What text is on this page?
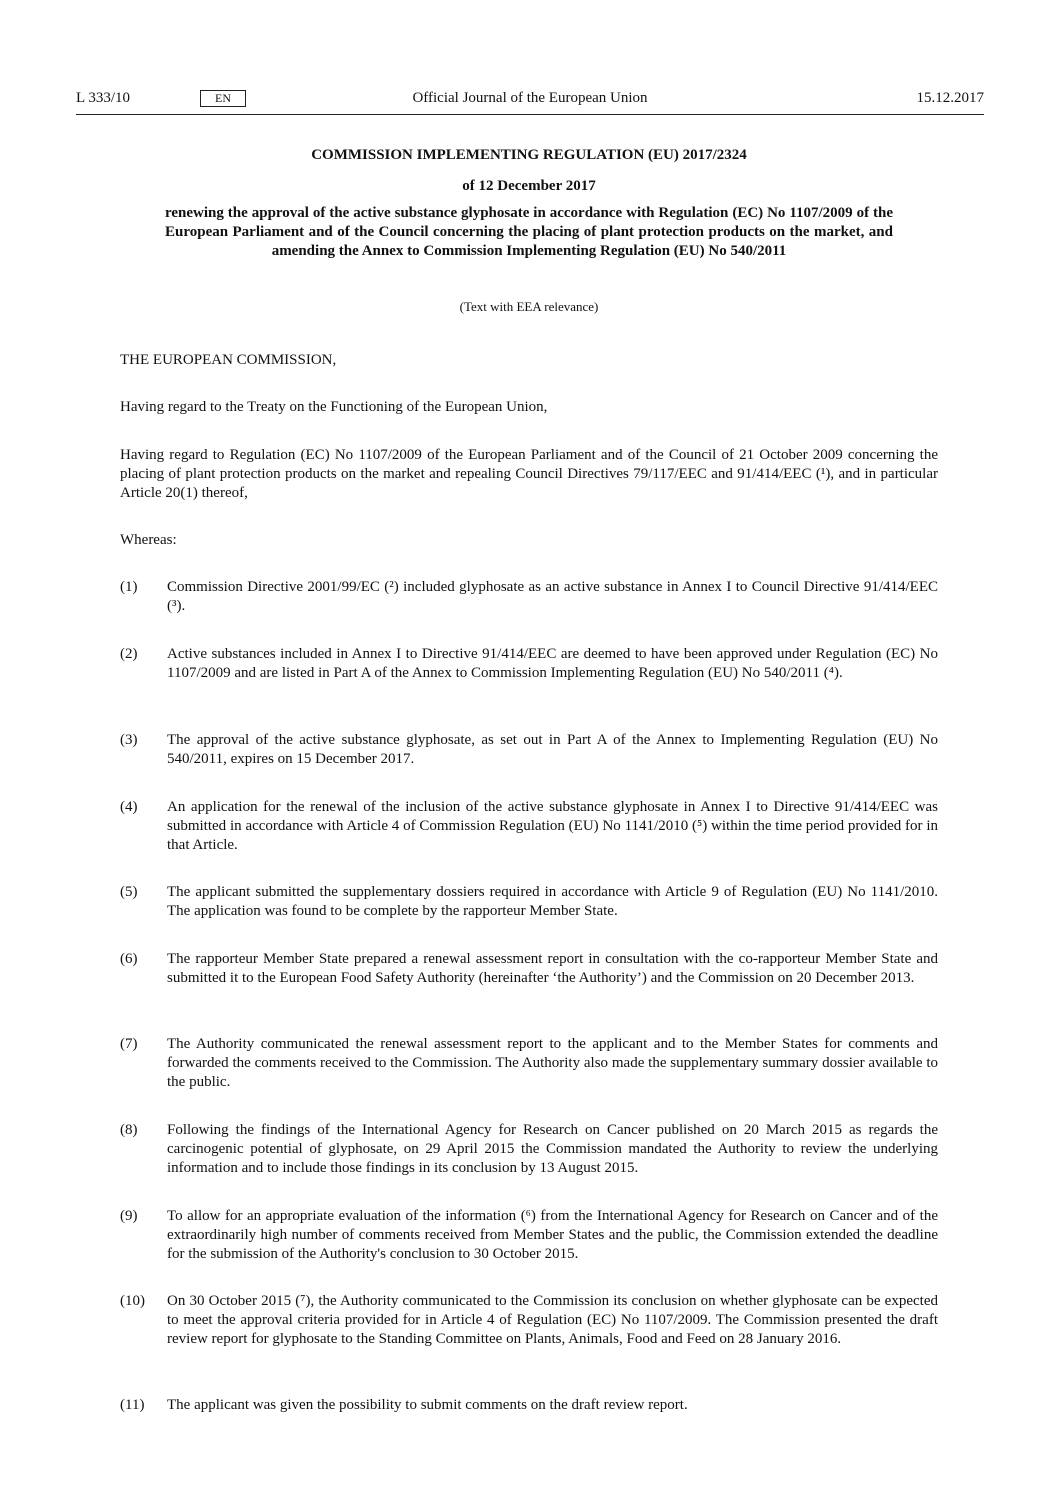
L 333/10	EN	Official Journal of the European Union	15.12.2017
COMMISSION IMPLEMENTING REGULATION (EU) 2017/2324
of 12 December 2017
renewing the approval of the active substance glyphosate in accordance with Regulation (EC) No 1107/2009 of the European Parliament and of the Council concerning the placing of plant protection products on the market, and amending the Annex to Commission Implementing Regulation (EU) No 540/2011
(Text with EEA relevance)
THE EUROPEAN COMMISSION,
Having regard to the Treaty on the Functioning of the European Union,
Having regard to Regulation (EC) No 1107/2009 of the European Parliament and of the Council of 21 October 2009 concerning the placing of plant protection products on the market and repealing Council Directives 79/117/EEC and 91/414/EEC (¹), and in particular Article 20(1) thereof,
Whereas:
(1)	Commission Directive 2001/99/EC (²) included glyphosate as an active substance in Annex I to Council Directive 91/414/EEC (³).
(2)	Active substances included in Annex I to Directive 91/414/EEC are deemed to have been approved under Regulation (EC) No 1107/2009 and are listed in Part A of the Annex to Commission Implementing Regulation (EU) No 540/2011 (⁴).
(3)	The approval of the active substance glyphosate, as set out in Part A of the Annex to Implementing Regulation (EU) No 540/2011, expires on 15 December 2017.
(4)	An application for the renewal of the inclusion of the active substance glyphosate in Annex I to Directive 91/414/EEC was submitted in accordance with Article 4 of Commission Regulation (EU) No 1141/2010 (⁵) within the time period provided for in that Article.
(5)	The applicant submitted the supplementary dossiers required in accordance with Article 9 of Regulation (EU) No 1141/2010. The application was found to be complete by the rapporteur Member State.
(6)	The rapporteur Member State prepared a renewal assessment report in consultation with the co-rapporteur Member State and submitted it to the European Food Safety Authority (hereinafter ‘the Authority’) and the Commission on 20 December 2013.
(7)	The Authority communicated the renewal assessment report to the applicant and to the Member States for comments and forwarded the comments received to the Commission. The Authority also made the supplementary summary dossier available to the public.
(8)	Following the findings of the International Agency for Research on Cancer published on 20 March 2015 as regards the carcinogenic potential of glyphosate, on 29 April 2015 the Commission mandated the Authority to review the underlying information and to include those findings in its conclusion by 13 August 2015.
(9)	To allow for an appropriate evaluation of the information (⁶) from the International Agency for Research on Cancer and of the extraordinarily high number of comments received from Member States and the public, the Commission extended the deadline for the submission of the Authority's conclusion to 30 October 2015.
(10)	On 30 October 2015 (⁷), the Authority communicated to the Commission its conclusion on whether glyphosate can be expected to meet the approval criteria provided for in Article 4 of Regulation (EC) No 1107/2009. The Commission presented the draft review report for glyphosate to the Standing Committee on Plants, Animals, Food and Feed on 28 January 2016.
(11)	The applicant was given the possibility to submit comments on the draft review report.
